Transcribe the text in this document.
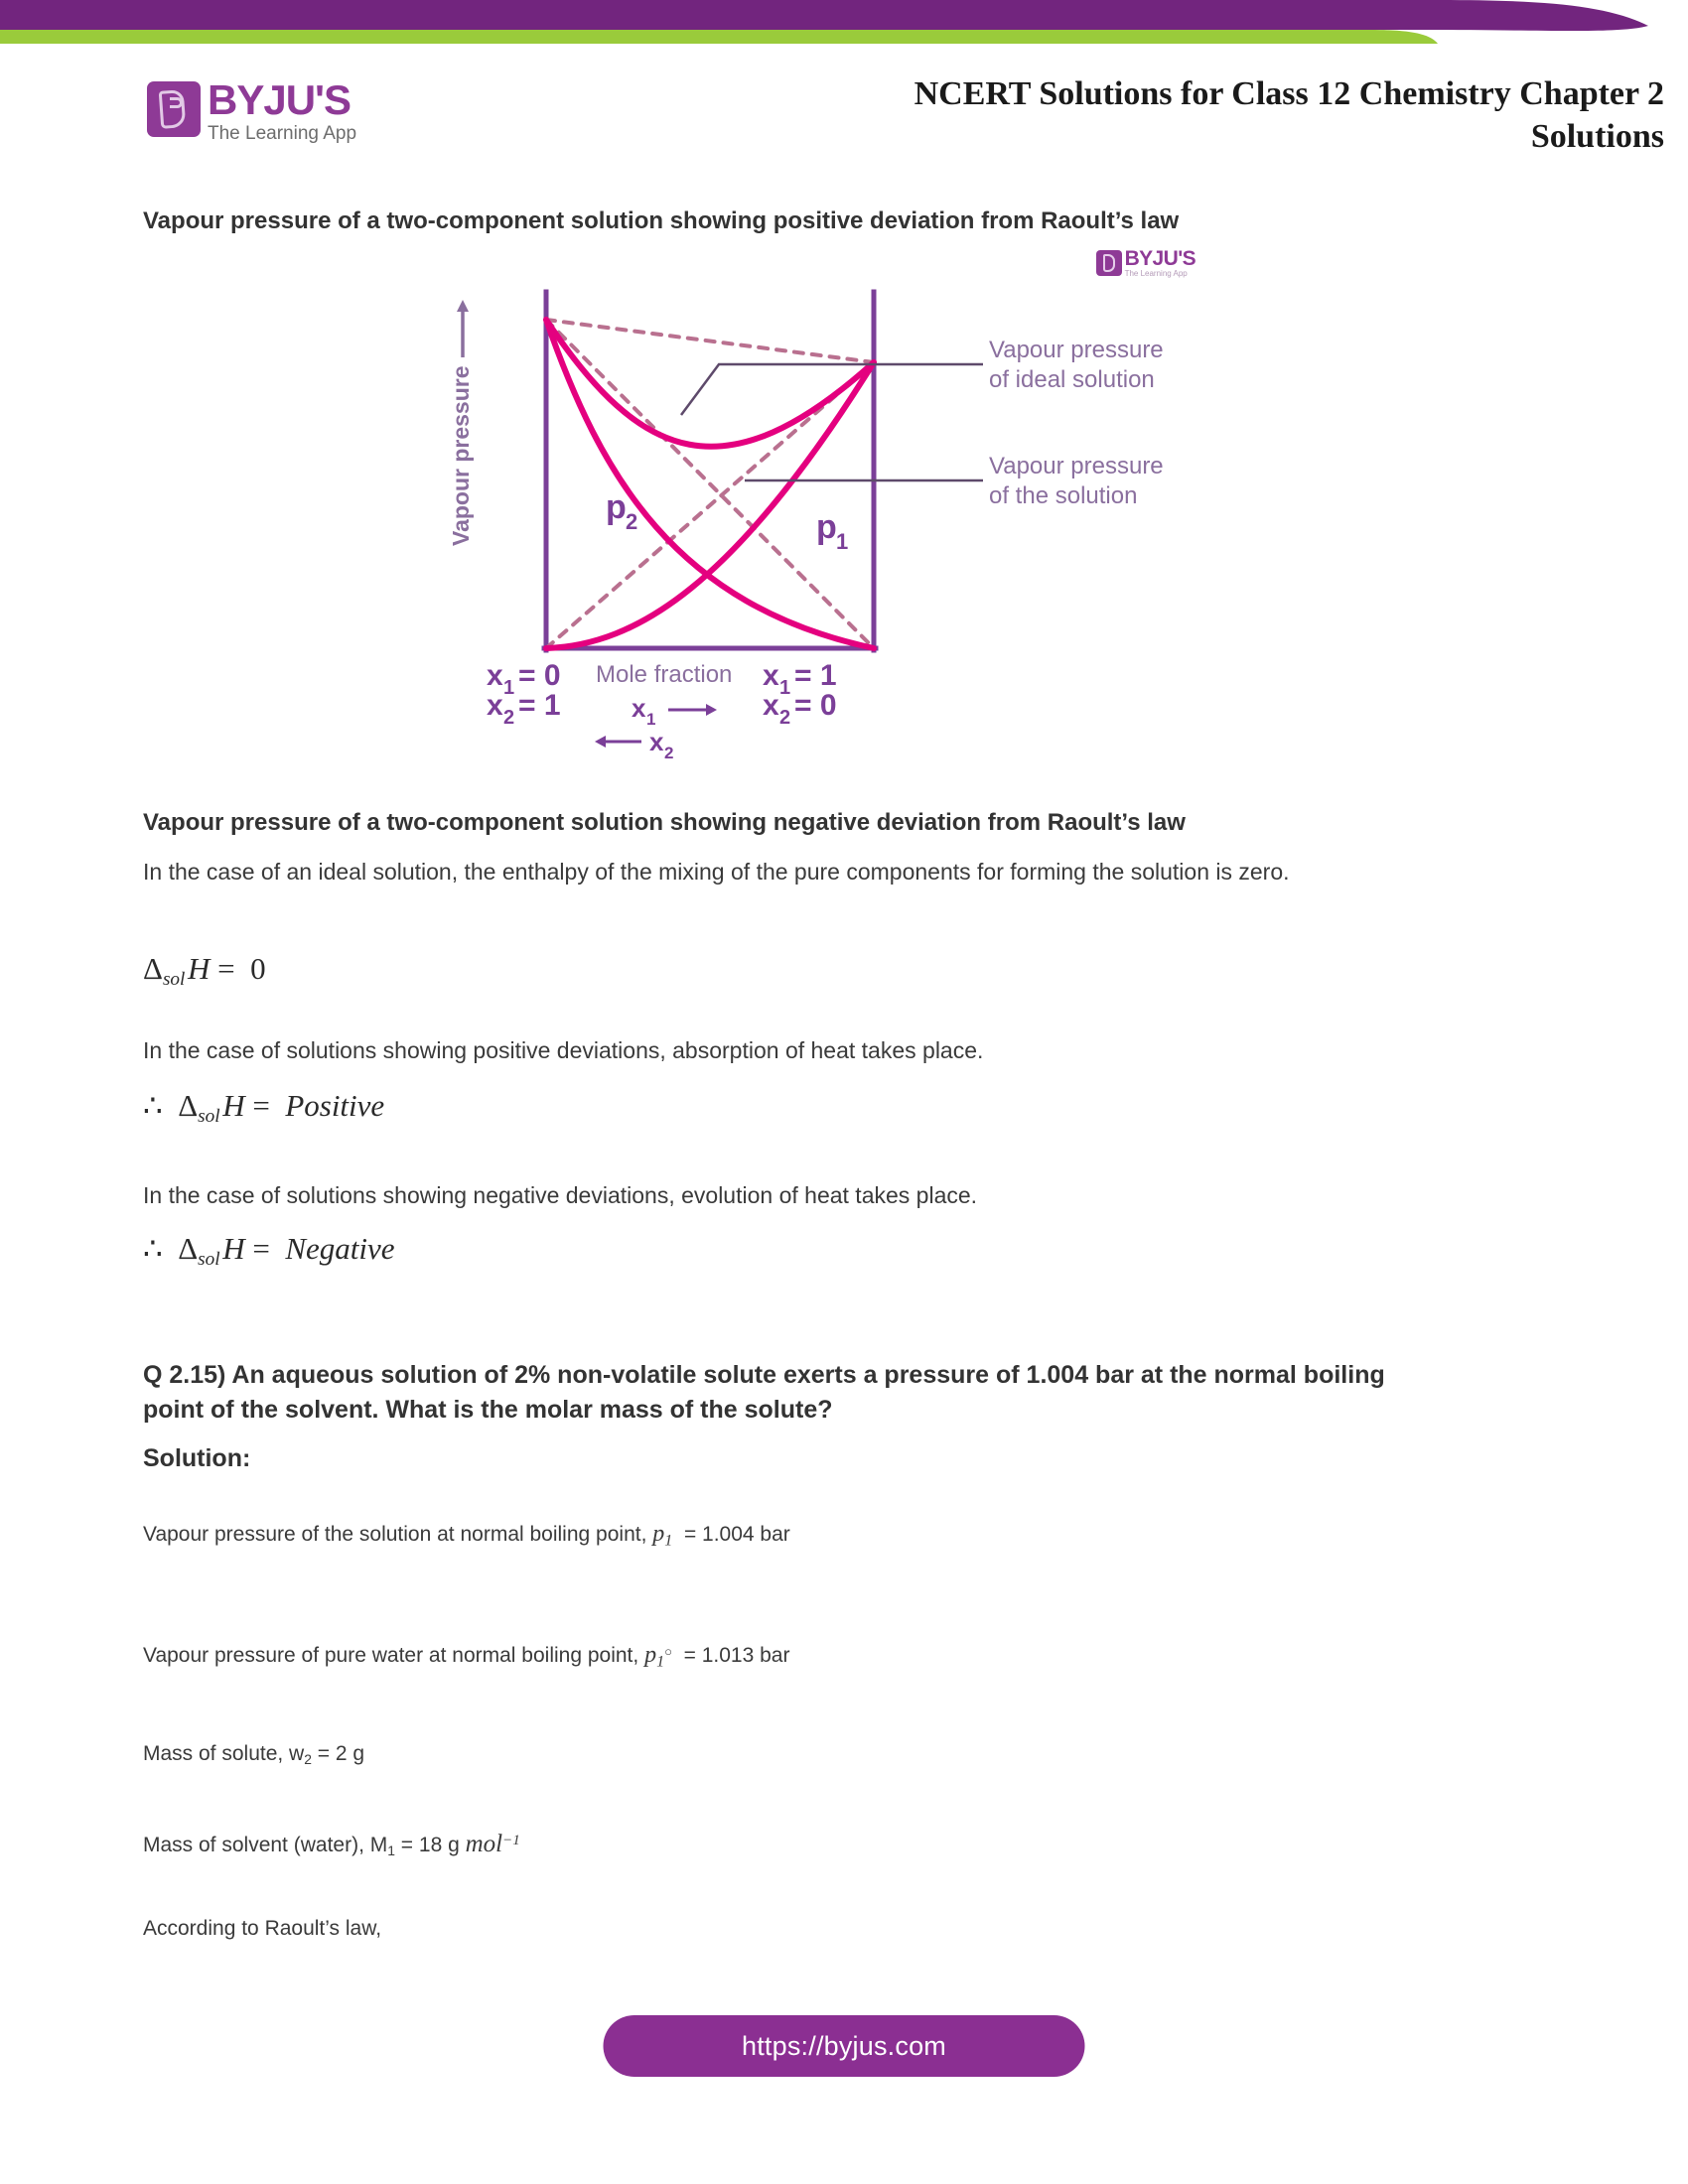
BYJU'S
The Learning App
NCERT Solutions for Class 12 Chemistry Chapter 2
Solutions
Vapour pressure of a two-component solution showing positive deviation from Raoult’s law
BYJU'S
The Learning App
Vapour pressure
Vapour pressure
of ideal solution
Vapour pressure
of the solution
p 2	p 1
x 1 = 0
x 2 = 1
Mole fraction
x 1
x 2
x 1 = 1
x 2 = 0
Vapour pressure of a two-component solution showing negative deviation from Raoult’s law
In the case of an ideal solution, the enthalpy of the mixing of the pure components for forming the solution is zero.
$\Delta_{sol}$ H = 0
In the case of solutions showing positive deviations, absorption of heat takes place.
∴ $\Delta_{sol}$ H = Positive
In the case of solutions showing negative deviations, evolution of heat takes place.
∴ $\Delta_{sol}$ H = Negative
Q 2.15) An aqueous solution of 2% non-volatile solute exerts a pressure of 1.004 bar at the normal boiling point of the solvent. What is the molar mass of the solute?
Solution:
Vapour pressure of the solution at normal boiling point, $p_1 = 1.004$ bar
Vapour pressure of pure water at normal boiling point, $p_1^○ = 1.013$ bar
Mass of solute, $w_2 = 2$ g
Mass of solvent (water), $M_1 = 18$ g mol$^{-1}$
According to Raoult’s law,
https://byjus.com
